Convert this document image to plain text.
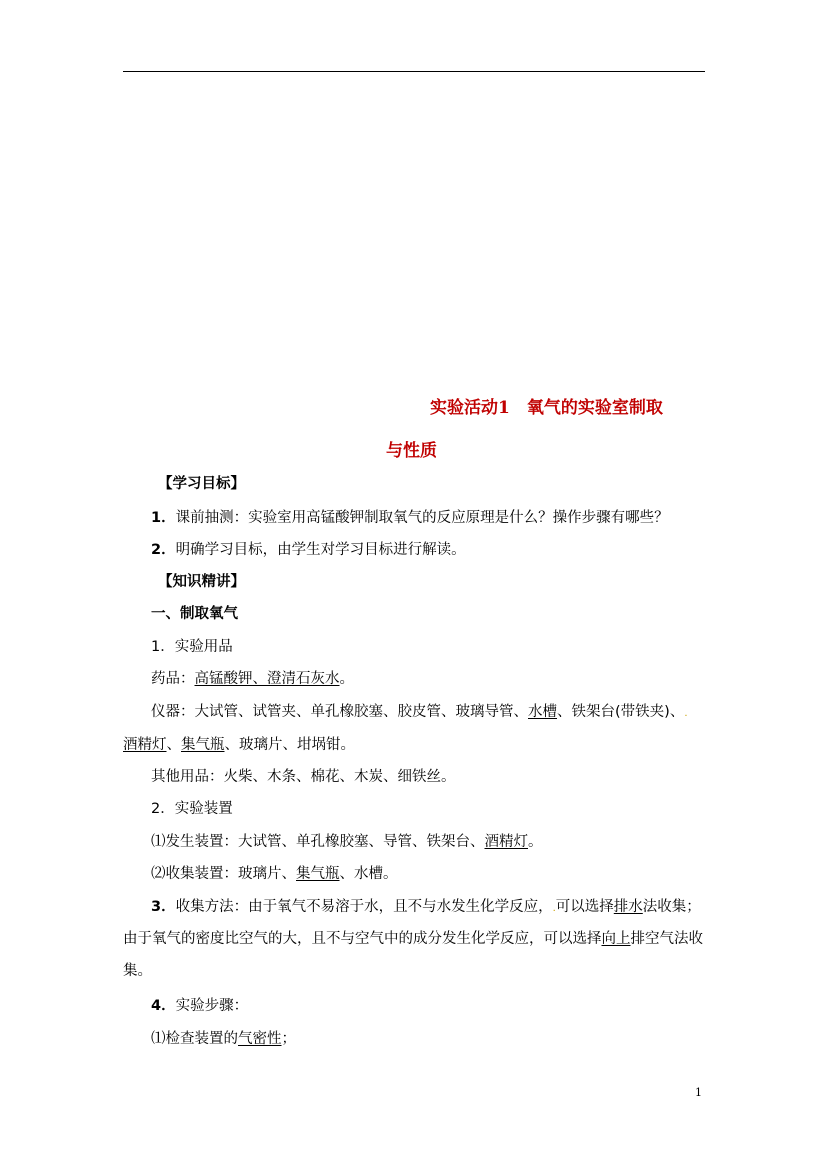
实验活动1　氧气的实验室制取
与性质
【学习目标】
1．课前抽测：实验室用高锰酸钾制取氧气的反应原理是什么？操作步骤有哪些？
2．明确学习目标，由学生对学习目标进行解读。
【知识精讲】
一、制取氧气
1．实验用品
药品：高锰酸钾、澄清石灰水。
仪器：大试管、试管夹、单孔橡胶塞、胶皮管、玻璃导管、水槽、铁架台(带铁夹)、.
酒精灯、集气瓶、玻璃片、坩埚钳。
其他用品：火柴、木条、棉花、木炭、细铁丝。
2．实验装置
⑴发生装置：大试管、单孔橡胶塞、导管、铁架台、酒精灯。
⑵收集装置：玻璃片、集气瓶、水槽。
3．收集方法：由于氧气不易溶于水，且不与水发生化学反应，.可以选择排水法收集；
由于氧气的密度比空气的大，且不与空气中的成分发生化学反应，可以选择向上排空气法收
集。
4．实验步骤：
⑴检查装置的气密性；
1
